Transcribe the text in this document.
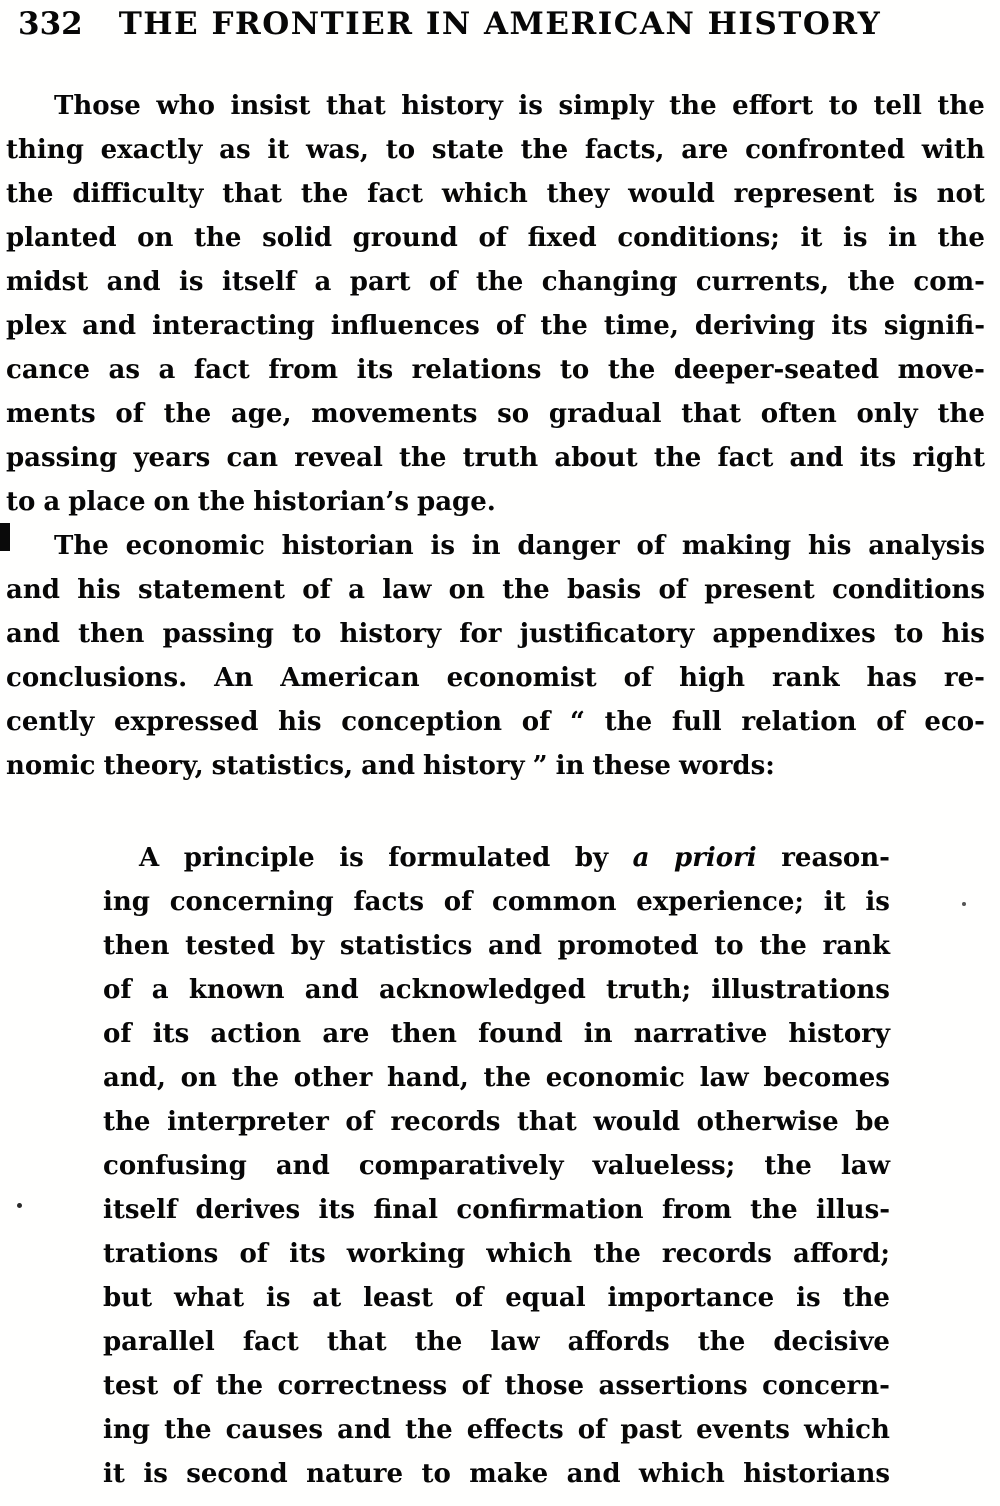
332	THE FRONTIER IN AMERICAN HISTORY
Those who insist that history is simply the effort to tell the
thing exactly as it was, to state the facts, are confronted with
the difficulty that the fact which they would represent is not
planted on the solid ground of fixed conditions; it is in the
midst and is itself a part of the changing currents, the com-
plex and interacting influences of the time, deriving its signifi-
cance as a fact from its relations to the deeper-seated move-
ments of the age, movements so gradual that often only the
passing years can reveal the truth about the fact and its right
to a place on the historian’s page.
The economic historian is in danger of making his analysis
and his statement of a law on the basis of present conditions
and then passing to history for justificatory appendixes to his
conclusions. An American economist of high rank has re-
cently expressed his conception of “ the full relation of eco-
nomic theory, statistics, and history ” in these words:
A principle is formulated by a priori reason-
ing concerning facts of common experience; it is
then tested by statistics and promoted to the rank
of a known and acknowledged truth; illustrations
of its action are then found in narrative history
and, on the other hand, the economic law becomes
the interpreter of records that would otherwise be
confusing and comparatively valueless; the law
itself derives its final confirmation from the illus-
trations of its working which the records afford;
but what is at least of equal importance is the
parallel fact that the law affords the decisive
test of the correctness of those assertions concern-
ing the causes and the effects of past events which
it is second nature to make and which historians
